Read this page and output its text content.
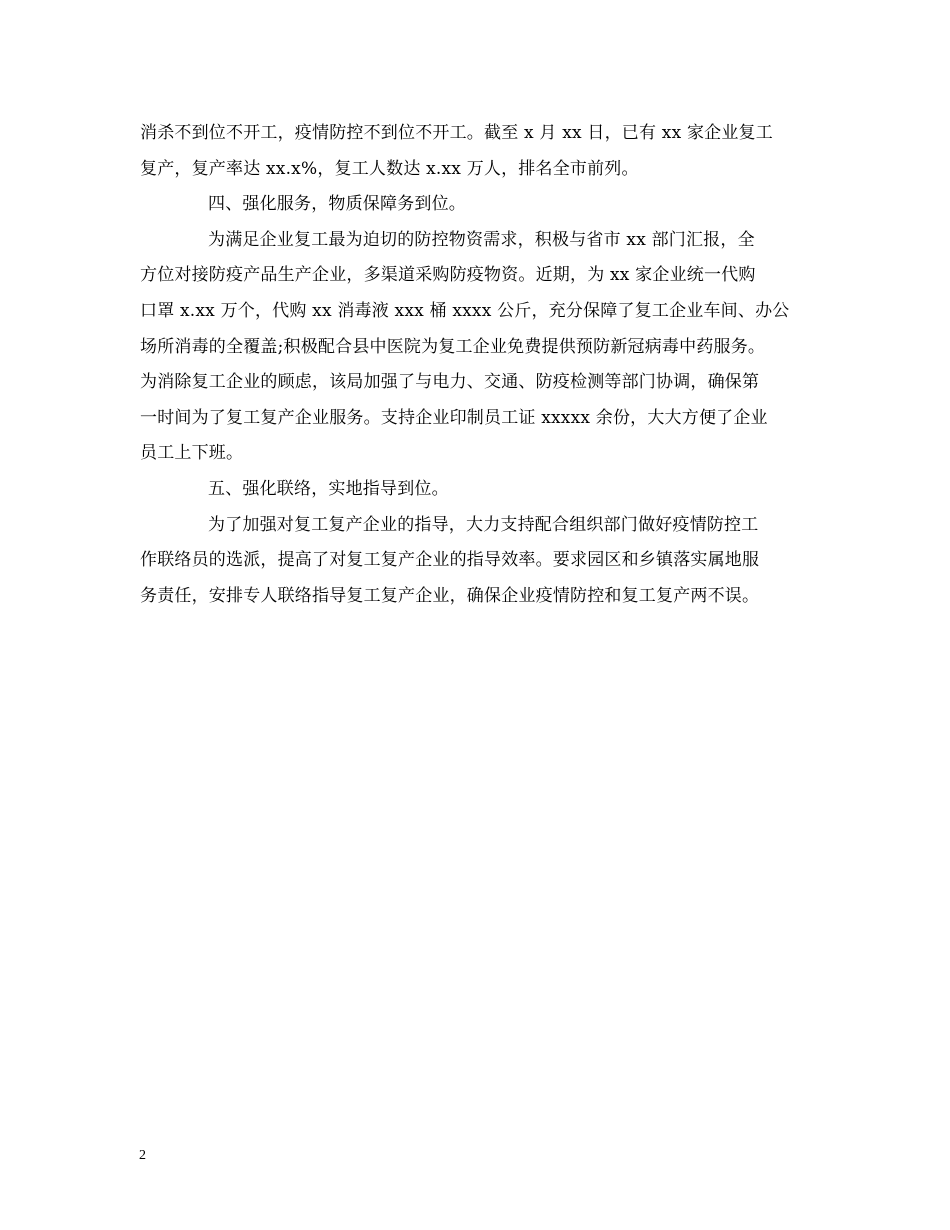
消杀不到位不开工，疫情防控不到位不开工。截至 x 月 xx 日，已有 xx 家企业复工
复产，复产率达 xx.x%，复工人数达 x.xx 万人，排名全市前列。
四、强化服务，物质保障务到位。
为满足企业复工最为迫切的防控物资需求，积极与省市 xx 部门汇报，全
方位对接防疫产品生产企业，多渠道采购防疫物资。近期，为 xx 家企业统一代购
口罩 x.xx 万个，代购 xx 消毒液 xxx 桶 xxxx 公斤，充分保障了复工企业车间、办公
场所消毒的全覆盖;积极配合县中医院为复工企业免费提供预防新冠病毒中药服务。
为消除复工企业的顾虑，该局加强了与电力、交通、防疫检测等部门协调，确保第
一时间为了复工复产企业服务。支持企业印制员工证 xxxxx 余份，大大方便了企业
员工上下班。
五、强化联络，实地指导到位。
为了加强对复工复产企业的指导，大力支持配合组织部门做好疫情防控工
作联络员的选派，提高了对复工复产企业的指导效率。要求园区和乡镇落实属地服
务责任，安排专人联络指导复工复产企业，确保企业疫情防控和复工复产两不误。
2
